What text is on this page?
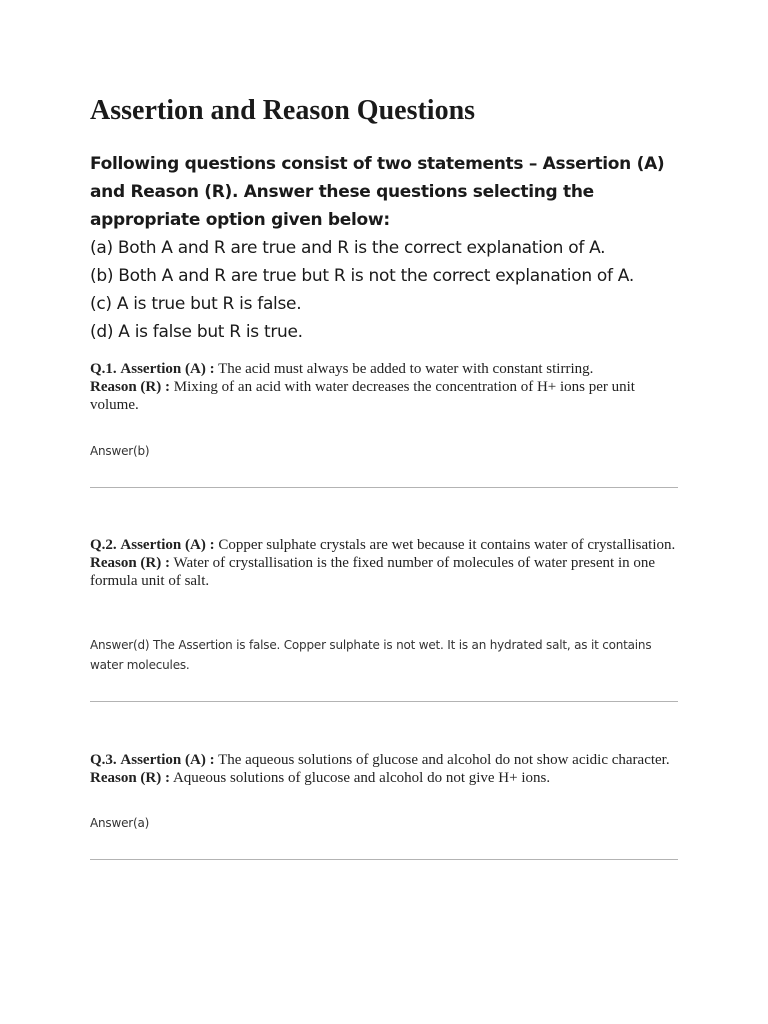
Assertion and Reason Questions

Following questions consist of two statements – Assertion (A) and Reason (R). Answer these questions selecting the appropriate option given below:

(a) Both A and R are true and R is the correct explanation of A.
(b) Both A and R are true but R is not the correct explanation of A.
(c) A is true but R is false.
(d) A is false but R is true.
Q.1. Assertion (A) : The acid must always be added to water with constant stirring.
Reason (R) : Mixing of an acid with water decreases the concentration of H+ ions per unit volume.

Answer(b)

Q.2. Assertion (A) : Copper sulphate crystals are wet because it contains water of crystallisation.
Reason (R) : Water of crystallisation is the fixed number of molecules of water present in one formula unit of salt.

Answer(d) The Assertion is false. Copper sulphate is not wet. It is an hydrated salt, as it contains water molecules.

Q.3. Assertion (A) : The aqueous solutions of glucose and alcohol do not show acidic character.
Reason (R) : Aqueous solutions of glucose and alcohol do not give H+ ions.

Answer(a)
